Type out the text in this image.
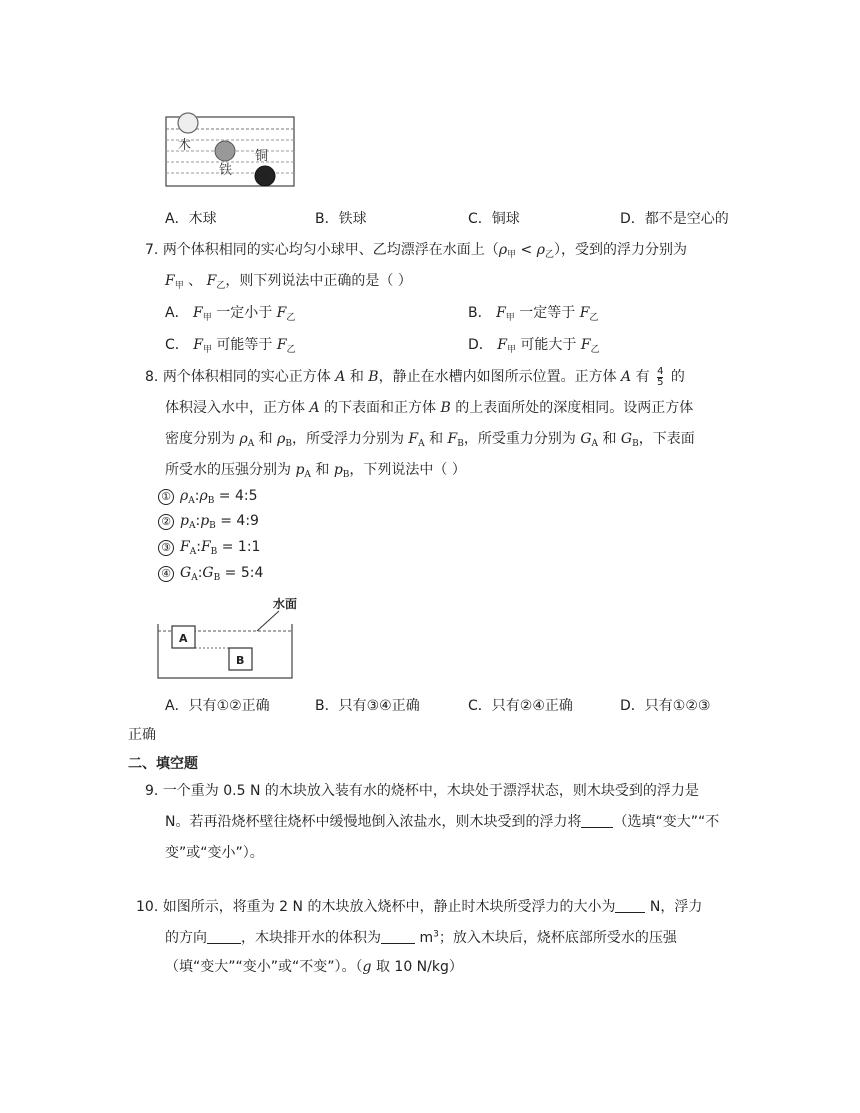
木
铁
铜
A．木球	B．铁球	C．铜球	D．都不是空心的
7. 两个体积相同的实心均匀小球甲、乙均漂浮在水面上$(\rho_甲 < \rho_乙)$，受到的浮力分别为
$F_甲$ 、 $F_乙$，则下列说法中正确的是（ ）
A． $F_甲$ 一定小于 $F_乙$	B． $F_甲$ 一定等于 $F_乙$
C． $F_甲$ 可能等于 $F_乙$	D． $F_甲$ 可能大于 $F_乙$
8. 两个体积相同的实心正方体 A 和 B，静止在水槽内如图所示位置。正方体 A 有 $\frac{4}{5}$ 的
体积浸入水中，正方体 A 的下表面和正方体 B 的上表面所处的深度相同。设两正方体
密度分别为 $\rho_A$ 和 $\rho_B$，所受浮力分别为 $F_A$ 和 $F_B$，所受重力分别为 $G_A$ 和 $G_B$，下表面
所受水的压强分别为 $p_A$ 和 $p_B$，下列说法中（ ）
① $\rho_A:\rho_B$ = 4:5
② $p_A:p_B$ = 4:9
③ $F_A:F_B$ = 1:1
④ $G_A:G_B$ = 5:4
A
B
水面
A．只有①②正确	B．只有③④正确	C．只有②④正确	D．只有①②③
正确
二、填空题
9. 一个重为 0.5 N 的木块放入装有水的烧杯中，木块处于漂浮状态，则木块受到的浮力是
N。若再沿烧杯壁往烧杯中缓慢地倒入浓盐水，则木块受到的浮力将 （选填“变大”“不
变”或“变小”）。
10. 如图所示，将重为 2 N 的木块放入烧杯中，静止时木块所受浮力的大小为 N，浮力
的方向 ，木块排开水的体积为 $m^3$；放入木块后，烧杯底部所受水的压强
（填“变大”“变小”或“不变”）。（g 取 10 N/kg）
